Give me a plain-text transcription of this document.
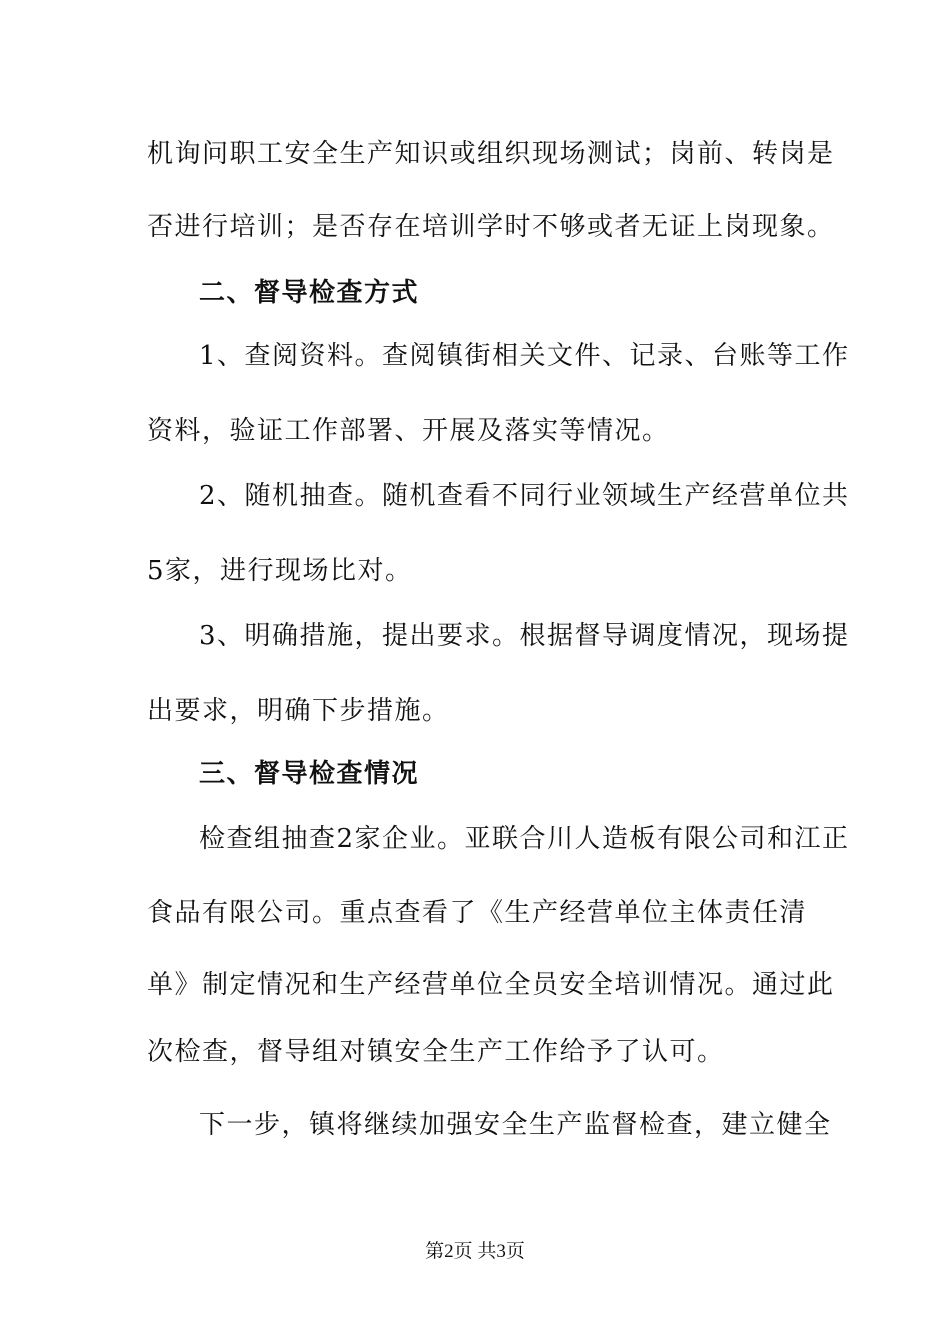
机询问职工安全生产知识或组织现场测试；岗前、转岗是
否进行培训；是否存在培训学时不够或者无证上岗现象。
二、督导检查方式
1、查阅资料。查阅镇街相关文件、记录、台账等工作
资料，验证工作部署、开展及落实等情况。
2、随机抽查。随机查看不同行业领域生产经营单位共
5家，进行现场比对。
3、明确措施，提出要求。根据督导调度情况，现场提
出要求，明确下步措施。
三、督导检查情况
检查组抽查2家企业。亚联合川人造板有限公司和江正
食品有限公司。重点查看了《生产经营单位主体责任清
单》制定情况和生产经营单位全员安全培训情况。通过此
次检查，督导组对镇安全生产工作给予了认可。
下一步，镇将继续加强安全生产监督检查，建立健全
第2页 共3页
